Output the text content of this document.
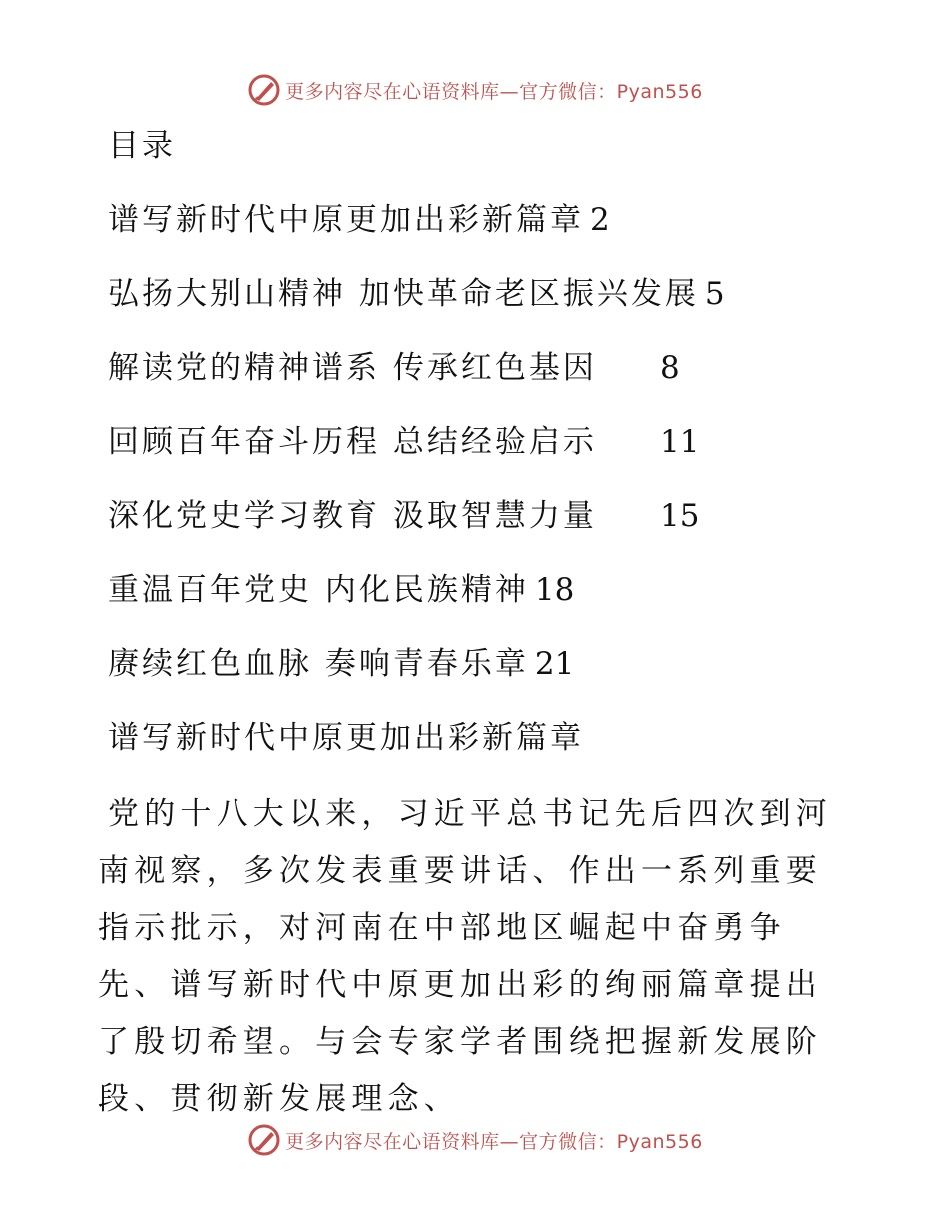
更多内容尽在心语资料库—官方微信：Pyan556
目录
谱写新时代中原更加出彩新篇章 2
弘扬大别山精神 加快革命老区振兴发展 5
解读党的精神谱系 传承红色基因	8
回顾百年奋斗历程 总结经验启示	11
深化党史学习教育 汲取智慧力量	15
重温百年党史 内化民族精神 18
赓续红色血脉 奏响青春乐章 21
谱写新时代中原更加出彩新篇章

党的十八大以来，习近平总书记先后四次到河南视察，多次发表重要讲话、作出一系列重要指示批示，对河南在中部地区崛起中奋勇争先、谱写新时代中原更加出彩的绚丽篇章提出了殷切希望。与会专家学者围绕把握新发展阶段、贯彻新发展理念、

更多内容尽在心语资料库—官方微信：Pyan556
